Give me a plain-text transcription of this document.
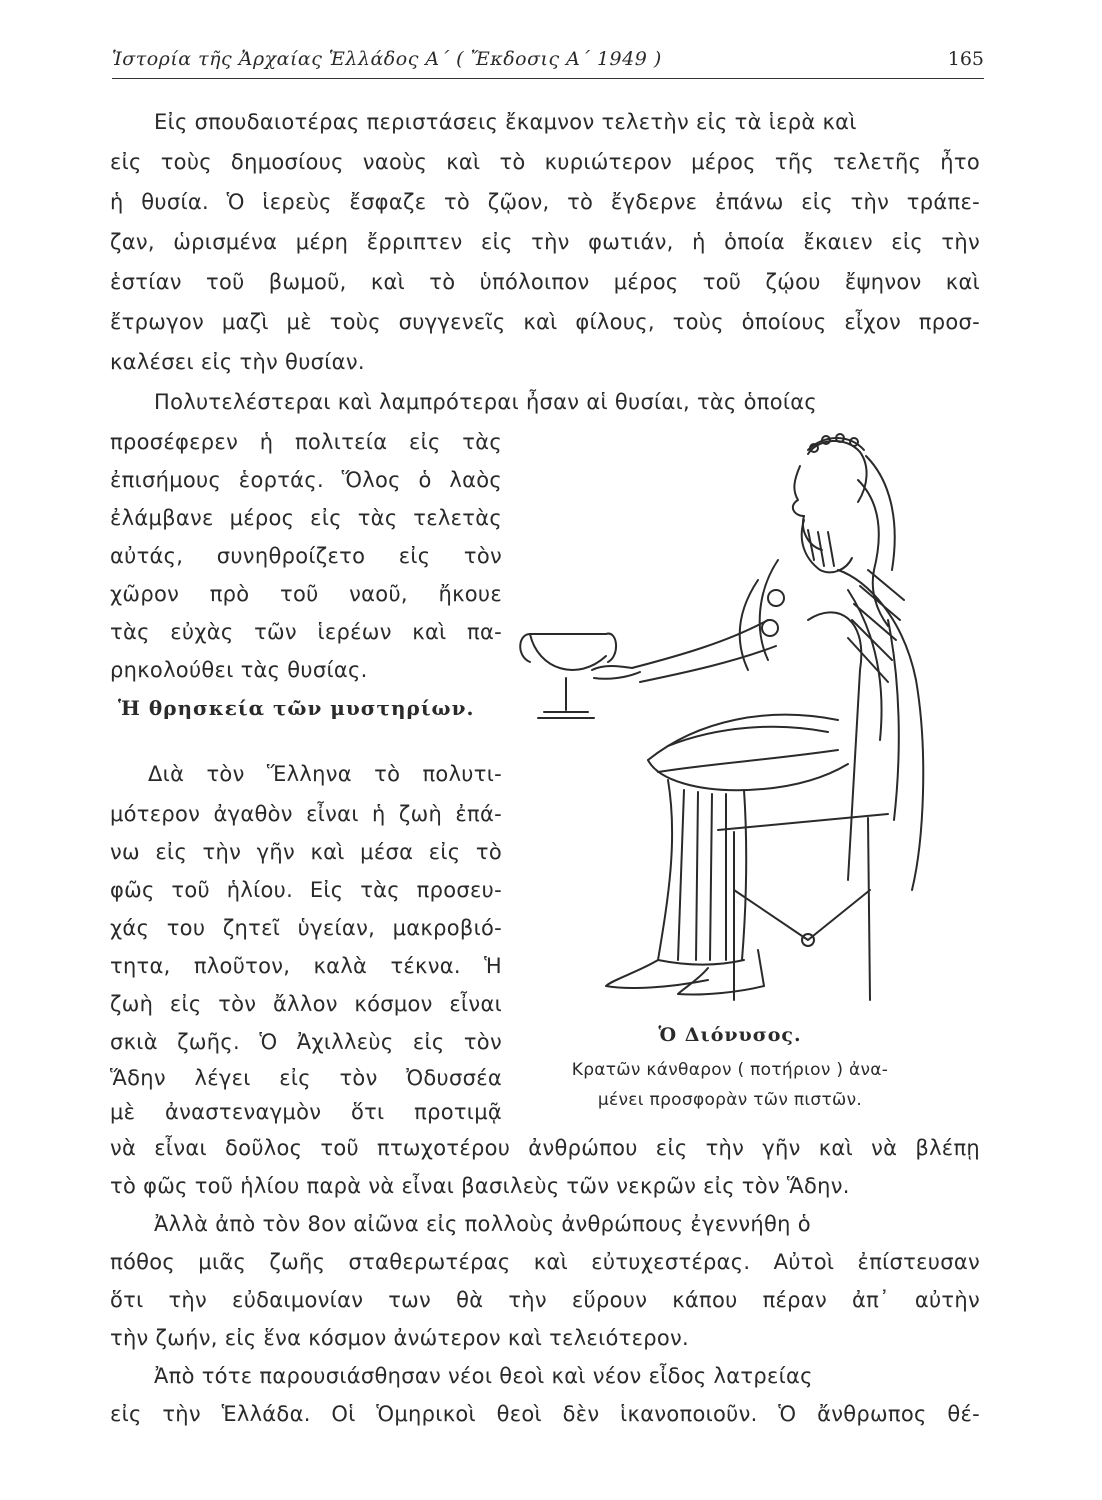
Ἱστορία τῆς Ἀρχαίας Ἑλλάδος Α΄ ( Ἔκδοσις Α΄ 1949 )	165
Εἰς σπουδαιοτέρας περιστάσεις ἔκαμνον τελετὴν εἰς τὰ ἱερὰ καὶ
εἰς τοὺς δημοσίους ναοὺς καὶ τὸ κυριώτερον μέρος τῆς τελετῆς ἦτο
ἡ θυσία. Ὁ ἱερεὺς ἔσφαζε τὸ ζῷον, τὸ ἔγδερνε ἐπάνω εἰς τὴν τράπε-
ζαν, ὡρισμένα μέρη ἔρριπτεν εἰς τὴν φωτιάν, ἡ ὁποία ἔκαιεν εἰς τὴν
ἑστίαν τοῦ βωμοῦ, καὶ τὸ ὑπόλοιπον μέρος τοῦ ζῴου ἔψηνον καὶ
ἔτρωγον μαζὶ μὲ τοὺς συγγενεῖς καὶ φίλους, τοὺς ὁποίους εἶχον προσ-
καλέσει εἰς τὴν θυσίαν.
Πολυτελέστεραι καὶ λαμπρότεραι ἦσαν αἱ θυσίαι, τὰς ὁποίας
προσέφερεν ἡ πολιτεία εἰς τὰς
ἐπισήμους ἑορτάς. Ὅλος ὁ λαὸς
ἐλάμβανε μέρος εἰς τὰς τελετὰς
αὐτάς, συνηθροίζετο εἰς τὸν
χῶρον πρὸ τοῦ ναοῦ, ἤκουε
τὰς εὐχὰς τῶν ἱερέων καὶ πα-
ρηκολούθει τὰς θυσίας.
Ἡ θρησκεία τῶν μυστηρίων.
Διὰ τὸν Ἕλληνα τὸ πολυτι-
μότερον ἀγαθὸν εἶναι ἡ ζωὴ ἐπά-
νω εἰς τὴν γῆν καὶ μέσα εἰς τὸ
φῶς τοῦ ἡλίου. Εἰς τὰς προσευ-
χάς του ζητεῖ ὑγείαν, μακροβιό-
τητα, πλοῦτον, καλὰ τέκνα. Ἡ
ζωὴ εἰς τὸν ἄλλον κόσμον εἶναι
σκιὰ ζωῆς. Ὁ Ἀχιλλεὺς εἰς τὸν
Ἅδην λέγει εἰς τὸν Ὀδυσσέα
μὲ ἀναστεναγμὸν ὅτι προτιμᾷ
νὰ εἶναι δοῦλος τοῦ πτωχοτέρου ἀνθρώπου εἰς τὴν γῆν καὶ νὰ βλέπῃ
τὸ φῶς τοῦ ἡλίου παρὰ νὰ εἶναι βασιλεὺς τῶν νεκρῶν εἰς τὸν Ἅδην.
Ἀλλὰ ἀπὸ τὸν 8ον αἰῶνα εἰς πολλοὺς ἀνθρώπους ἐγεννήθη ὁ
πόθος μιᾶς ζωῆς σταθερωτέρας καὶ εὐτυχεστέρας. Αὐτοὶ ἐπίστευσαν
ὅτι τὴν εὐδαιμονίαν των θὰ τὴν εὕρουν κάπου πέραν ἀπ᾽ αὐτὴν
τὴν ζωήν, εἰς ἕνα κόσμον ἀνώτερον καὶ τελειότερον.
Ἀπὸ τότε παρουσιάσθησαν νέοι θεοὶ καὶ νέον εἶδος λατρείας
εἰς τὴν Ἑλλάδα. Οἱ Ὁμηρικοὶ θεοὶ δὲν ἱκανοποιοῦν. Ὁ ἄνθρωπος θέ-
Ὁ Διόνυσος.
Κρατῶν κάνθαρον ( ποτήριον ) ἀνα-
μένει προσφορὰν τῶν πιστῶν.
